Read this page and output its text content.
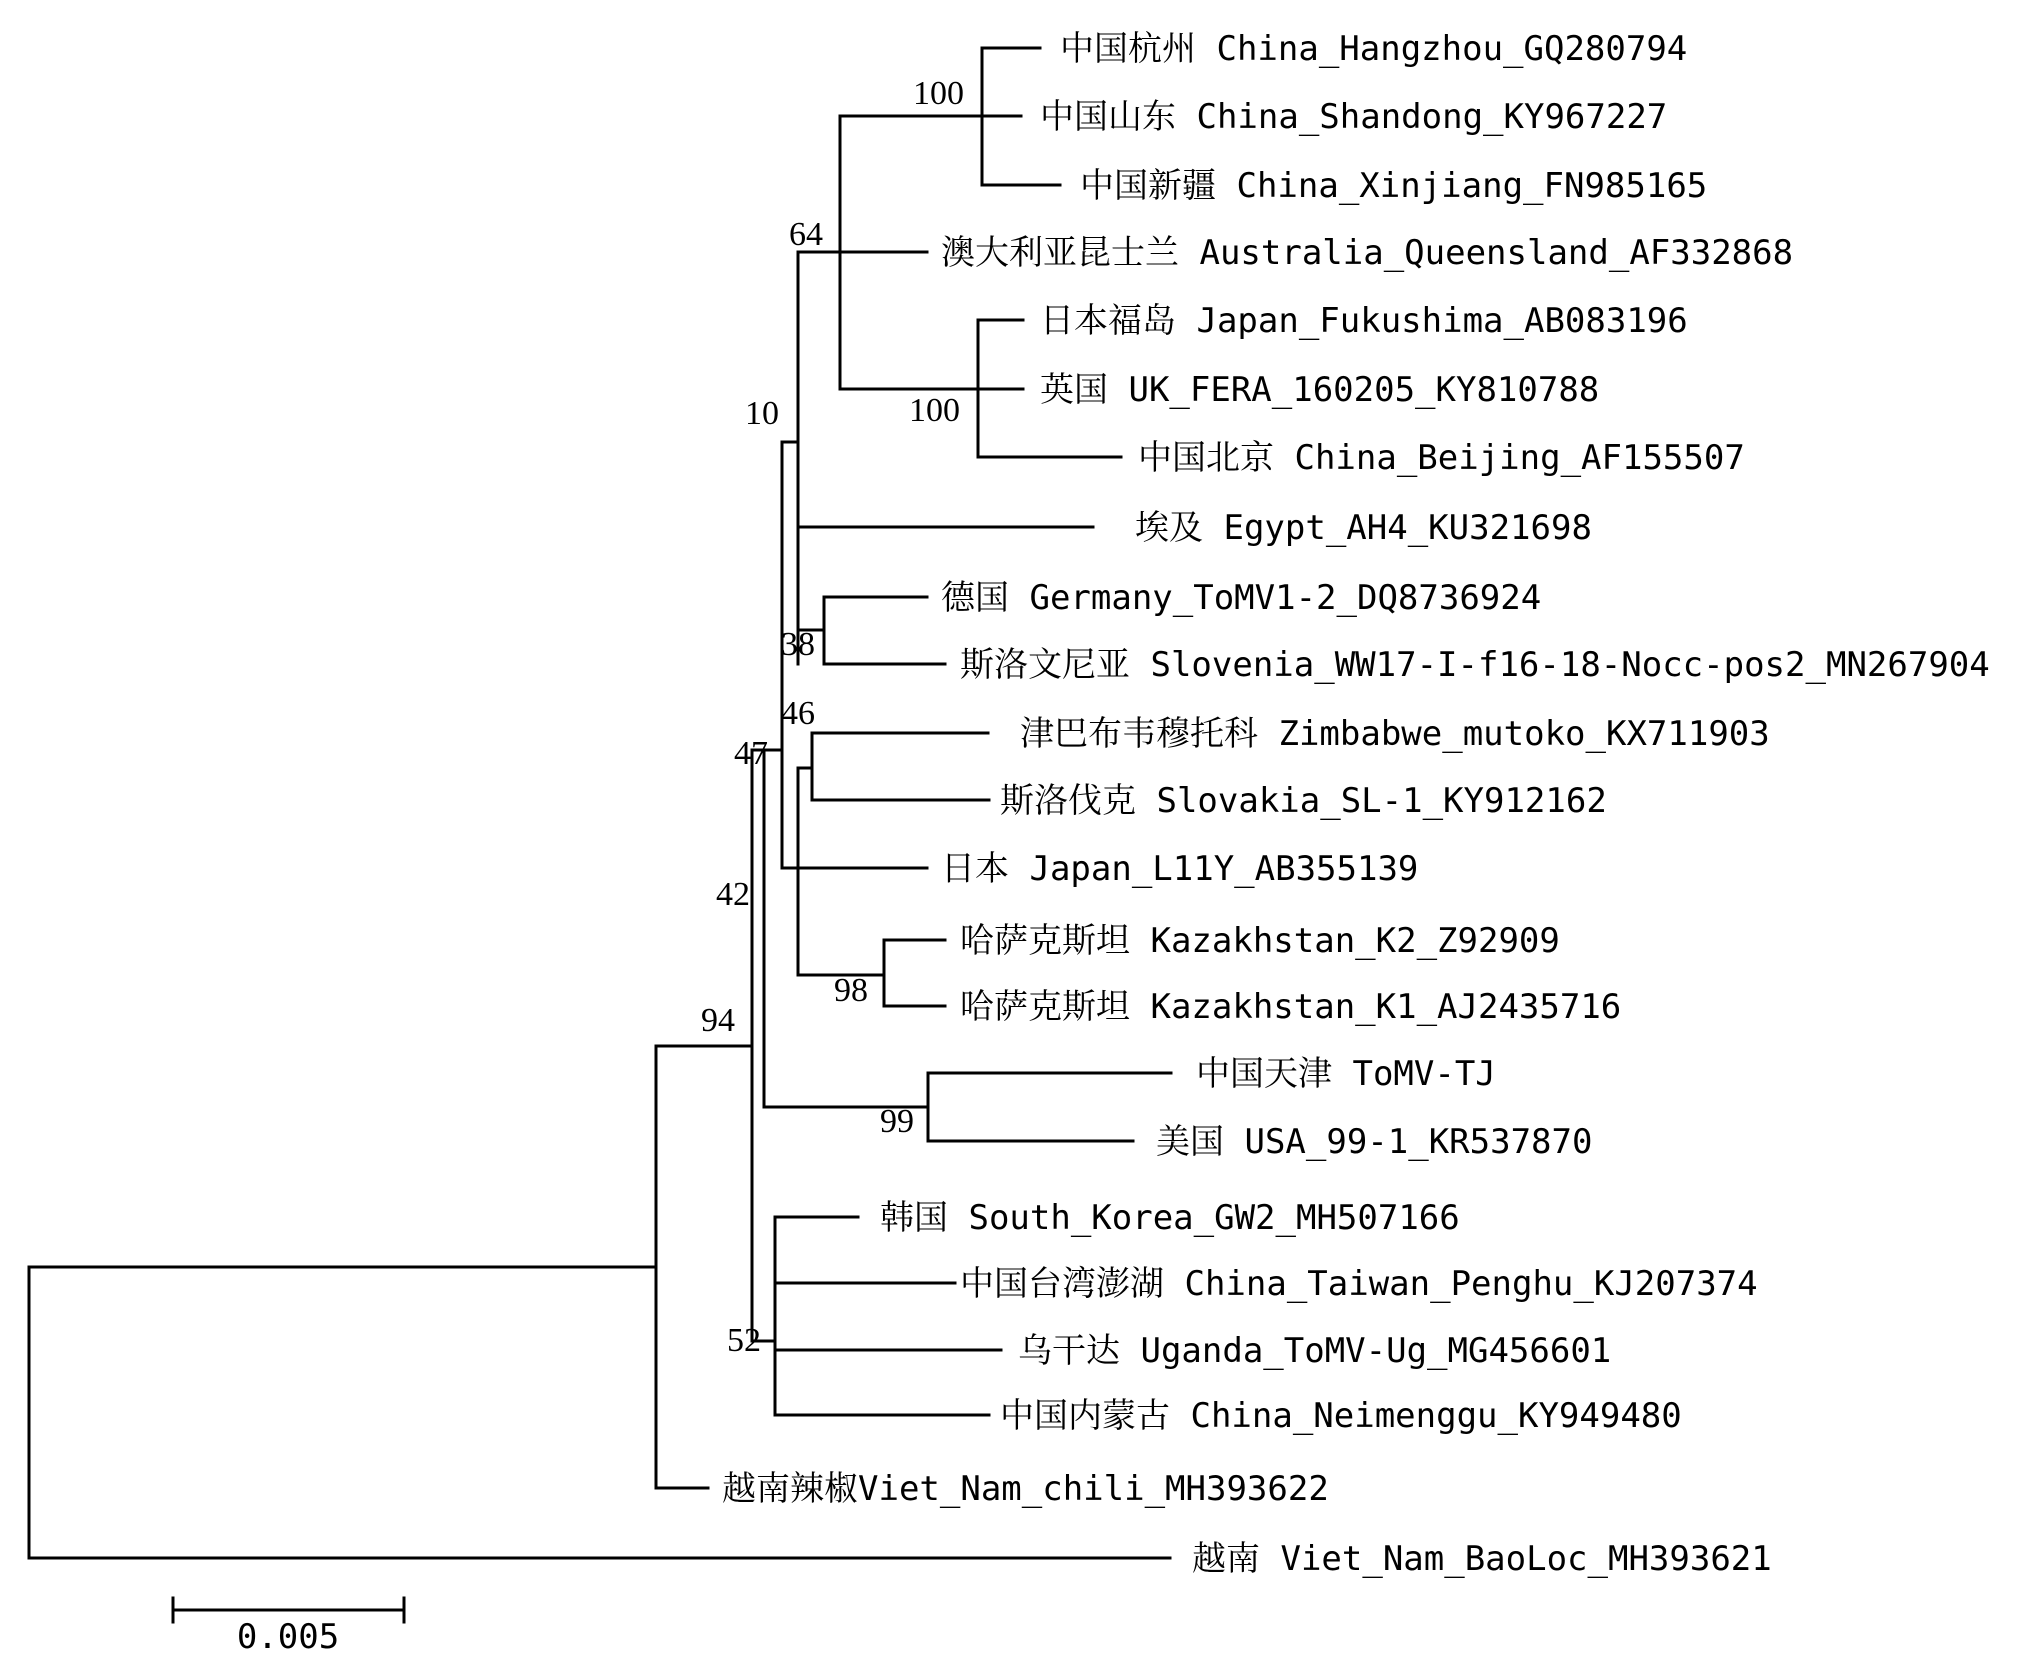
中国杭州 China_Hangzhou_GQ280794
中国山东 China_Shandong_KY967227
中国新疆 China_Xinjiang_FN985165
澳大利亚昆士兰 Australia_Queensland_AF332868
日本福岛 Japan_Fukushima_AB083196
英国 UK_FERA_160205_KY810788
中国北京 China_Beijing_AF155507
埃及 Egypt_AH4_KU321698
德国 Germany_ToMV1-2_DQ8736924
斯洛文尼亚 Slovenia_WW17-I-f16-18-Nocc-pos2_MN267904
津巴布韦穆托科 Zimbabwe_mutoko_KX711903
斯洛伐克 Slovakia_SL-1_KY912162
日本 Japan_L11Y_AB355139
哈萨克斯坦 Kazakhstan_K2_Z92909
哈萨克斯坦 Kazakhstan_K1_AJ2435716
中国天津 ToMV-TJ
美国 USA_99-1_KR537870
韩国 South_Korea_GW2_MH507166
中国台湾澎湖 China_Taiwan_Penghu_KJ207374
乌干达 Uganda_ToMV-Ug_MG456601
中国内蒙古 China_Neimenggu_KY949480
越南辣椒Viet_Nam_chili_MH393622
越南 Viet_Nam_BaoLoc_MH393621
100
64
100
10
38
46
47
98
42
99
94
52
0.005
